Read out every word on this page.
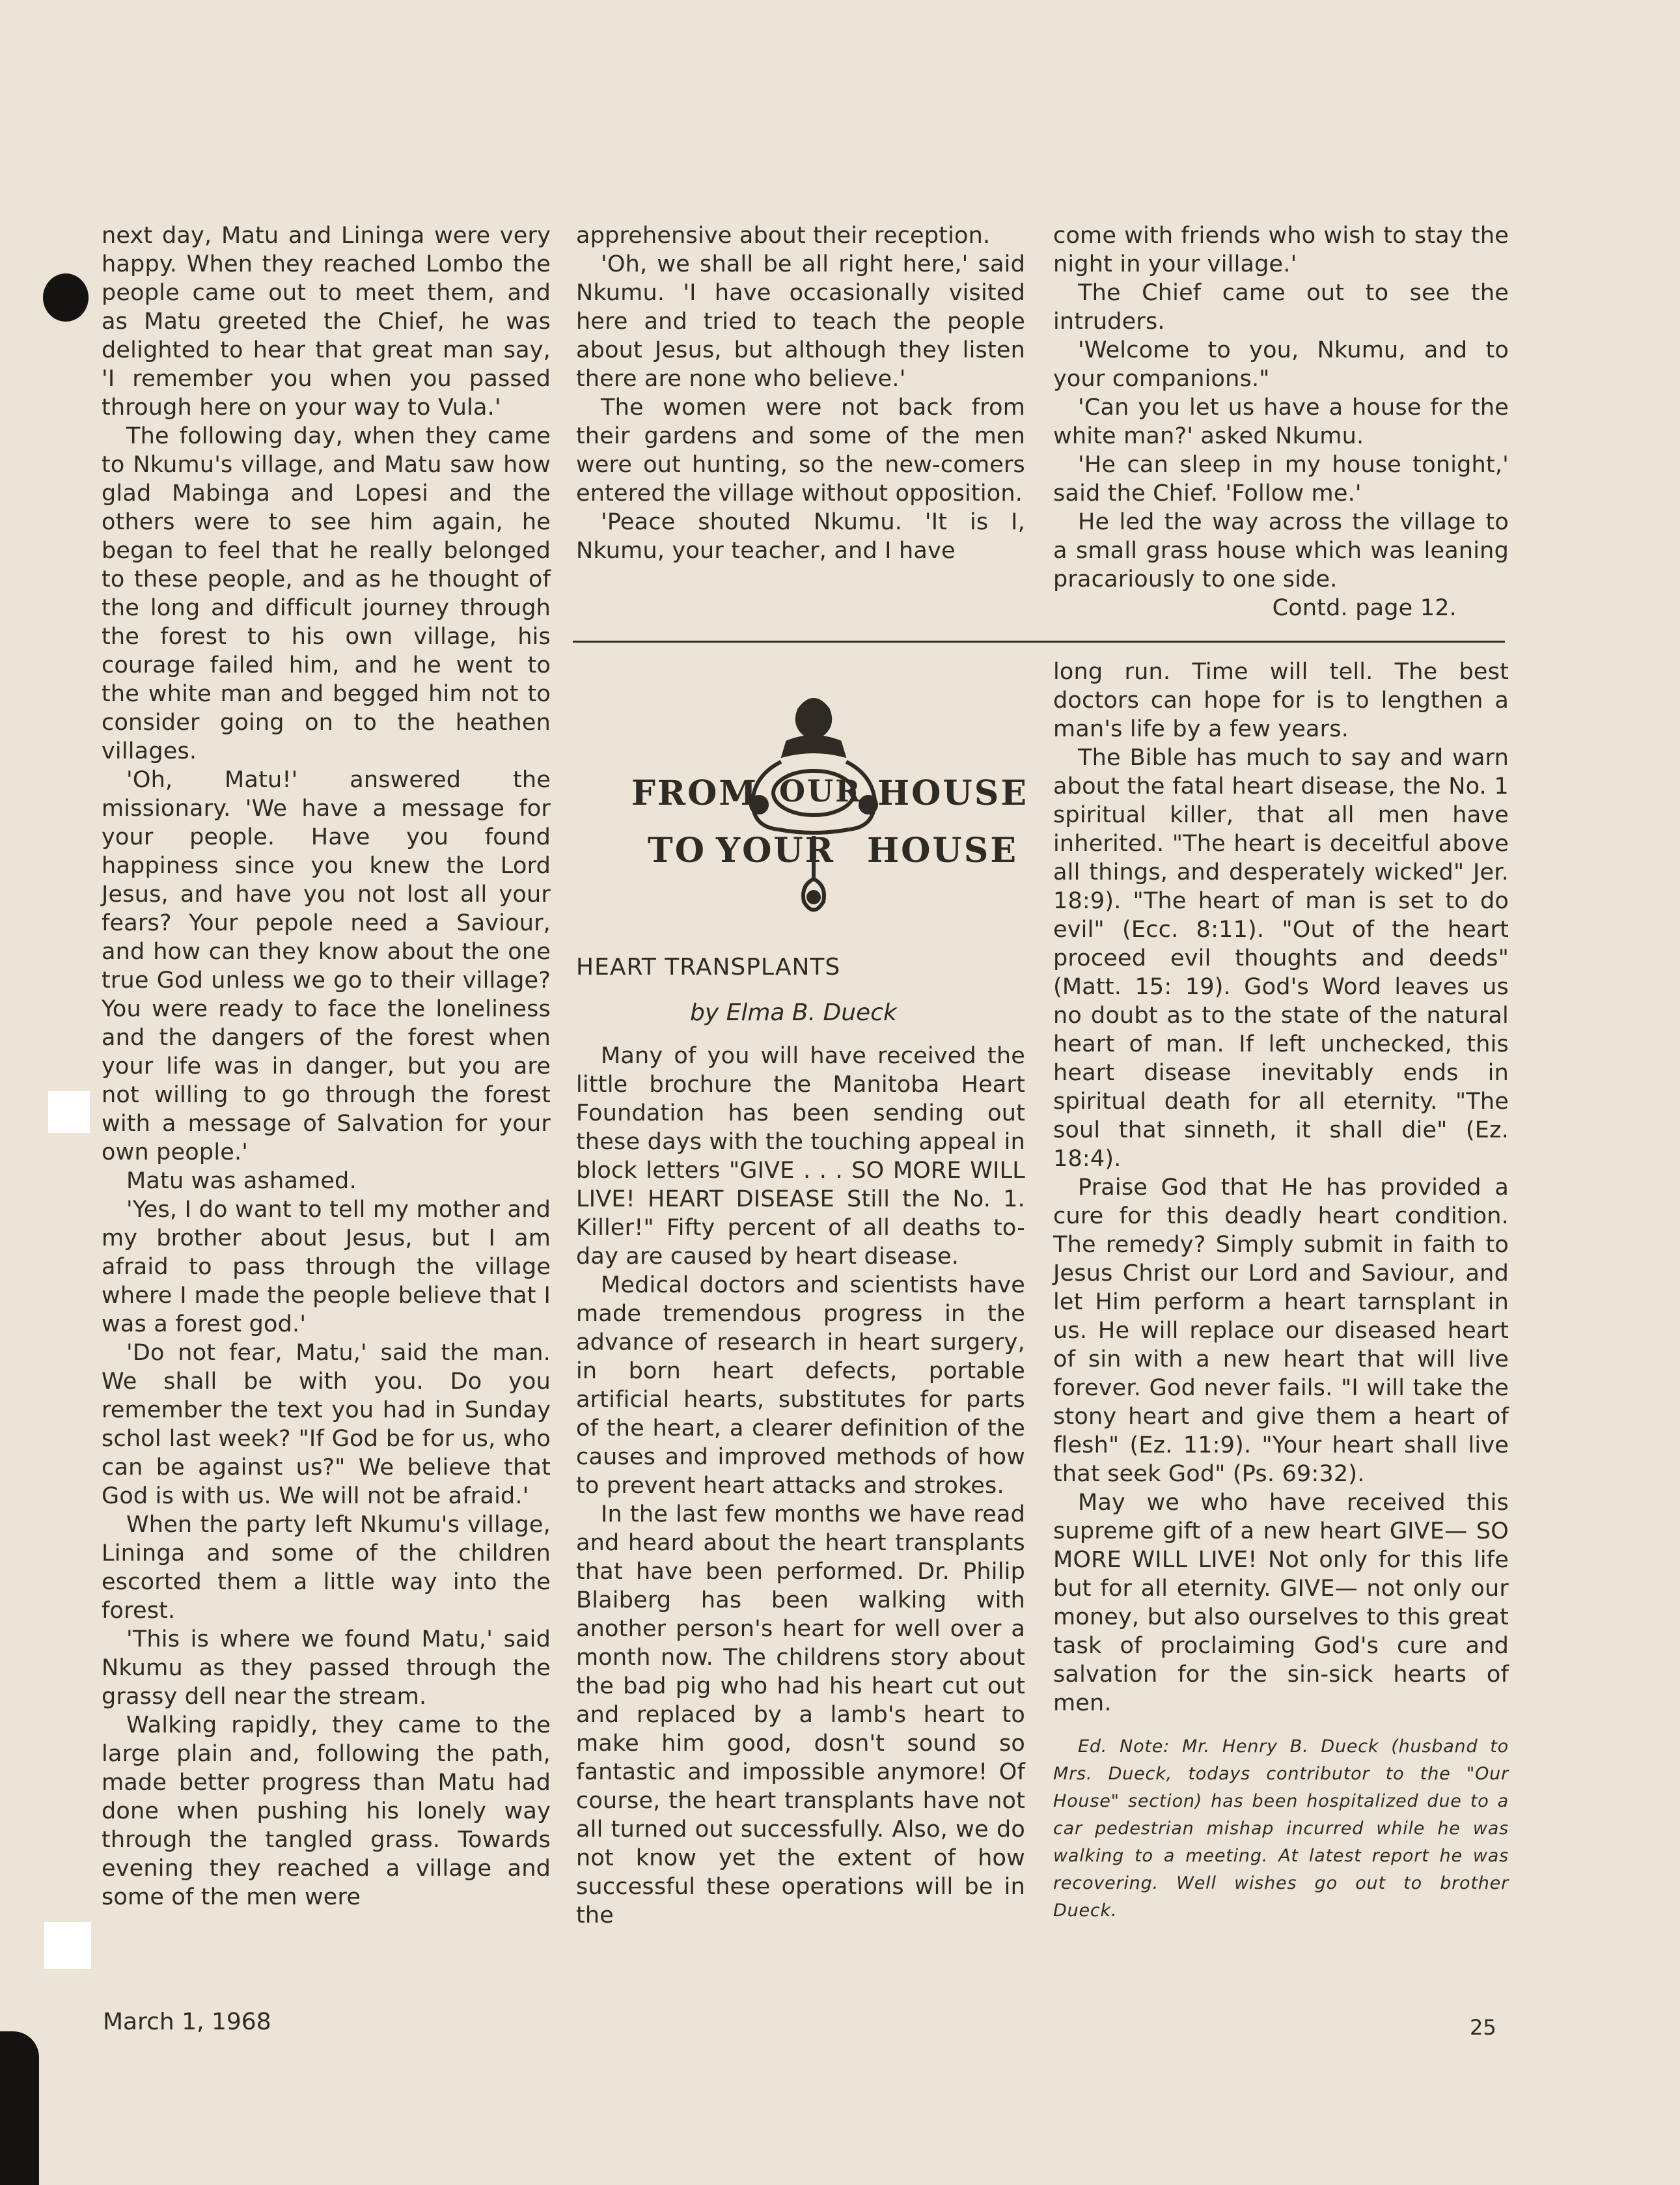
next day, Matu and Lininga were very happy. When they reached Lombo the people came out to meet them, and as Matu greeted the Chief, he was delighted to hear that great man say, 'I remember you when you passed through here on your way to Vula.'

The following day, when they came to Nkumu's village, and Matu saw how glad Mabinga and Lopesi and the others were to see him again, he began to feel that he really belonged to these people, and as he thought of the long and difficult journey through the forest to his own village, his courage failed him, and he went to the white man and begged him not to consider going on to the heathen villages.

'Oh, Matu!' answered the missionary. 'We have a message for your people. Have you found happiness since you knew the Lord Jesus, and have you not lost all your fears? Your pepole need a Saviour, and how can they know about the one true God unless we go to their village? You were ready to face the loneliness and the dangers of the forest when your life was in danger, but you are not willing to go through the forest with a message of Salvation for your own people.'

Matu was ashamed.

'Yes, I do want to tell my mother and my brother about Jesus, but I am afraid to pass through the village where I made the people believe that I was a forest god.'

'Do not fear, Matu,' said the man. We shall be with you. Do you remember the text you had in Sunday schol last week? "If God be for us, who can be against us?" We believe that God is with us. We will not be afraid.'

When the party left Nkumu's village, Lininga and some of the children escorted them a little way into the forest.

'This is where we found Matu,' said Nkumu as they passed through the grassy dell near the stream.

Walking rapidly, they came to the large plain and, following the path, made better progress than Matu had done when pushing his lonely way through the tangled grass. Towards evening they reached a village and some of the men were

apprehensive about their reception.

'Oh, we shall be all right here,' said Nkumu. 'I have occasionally visited here and tried to teach the people about Jesus, but although they listen there are none who believe.'

The women were not back from their gardens and some of the men were out hunting, so the new-comers entered the village without opposition.

'Peace shouted Nkumu. 'It is I, Nkumu, your teacher, and I have

come with friends who wish to stay the night in your village.'

The Chief came out to see the intruders.

'Welcome to you, Nkumu, and to your companions."

'Can you let us have a house for the white man?' asked Nkumu.

'He can sleep in my house tonight,' said the Chief. 'Follow me.'

He led the way across the village to a small grass house which was leaning pracariously to one side.

Contd. page 12.

FROM OUR HOUSE
TO YOUR HOUSE
HEART TRANSPLANTS
by Elma B. Dueck

Many of you will have received the little brochure the Manitoba Heart Foundation has been sending out these days with the touching appeal in block letters "GIVE . . . SO MORE WILL LIVE! HEART DISEASE Still the No. 1. Killer!" Fifty percent of all deaths to-day are caused by heart disease.

Medical doctors and scientists have made tremendous progress in the advance of research in heart surgery, in born heart defects, portable artificial hearts, substitutes for parts of the heart, a clearer definition of the causes and improved methods of how to prevent heart attacks and strokes.

In the last few months we have read and heard about the heart transplants that have been performed. Dr. Philip Blaiberg has been walking with another person's heart for well over a month now. The childrens story about the bad pig who had his heart cut out and replaced by a lamb's heart to make him good, dosn't sound so fantastic and impossible anymore! Of course, the heart transplants have not all turned out successfully. Also, we do not know yet the extent of how successful these operations will be in the

long run. Time will tell. The best doctors can hope for is to lengthen a man's life by a few years.

The Bible has much to say and warn about the fatal heart disease, the No. 1 spiritual killer, that all men have inherited. "The heart is deceitful above all things, and desperately wicked" Jer. 18:9). "The heart of man is set to do evil" (Ecc. 8:11). "Out of the heart proceed evil thoughts and deeds" (Matt. 15: 19). God's Word leaves us no doubt as to the state of the natural heart of man. If left unchecked, this heart disease inevitably ends in spiritual death for all eternity. "The soul that sinneth, it shall die" (Ez. 18:4).

Praise God that He has provided a cure for this deadly heart condition. The remedy? Simply submit in faith to Jesus Christ our Lord and Saviour, and let Him perform a heart tarnsplant in us. He will replace our diseased heart of sin with a new heart that will live forever. God never fails. "I will take the stony heart and give them a heart of flesh" (Ez. 11:9). "Your heart shall live that seek God" (Ps. 69:32).

May we who have received this supreme gift of a new heart GIVE— SO MORE WILL LIVE! Not only for this life but for all eternity. GIVE— not only our money, but also ourselves to this great task of proclaiming God's cure and salvation for the sin-sick hearts of men.

Ed. Note: Mr. Henry B. Dueck (husband to Mrs. Dueck, todays contributor to the "Our House" section) has been hospitalized due to a car pedestrian mishap incurred while he was walking to a meeting. At latest report he was recovering. Well wishes go out to brother Dueck.

March 1, 1968	25
